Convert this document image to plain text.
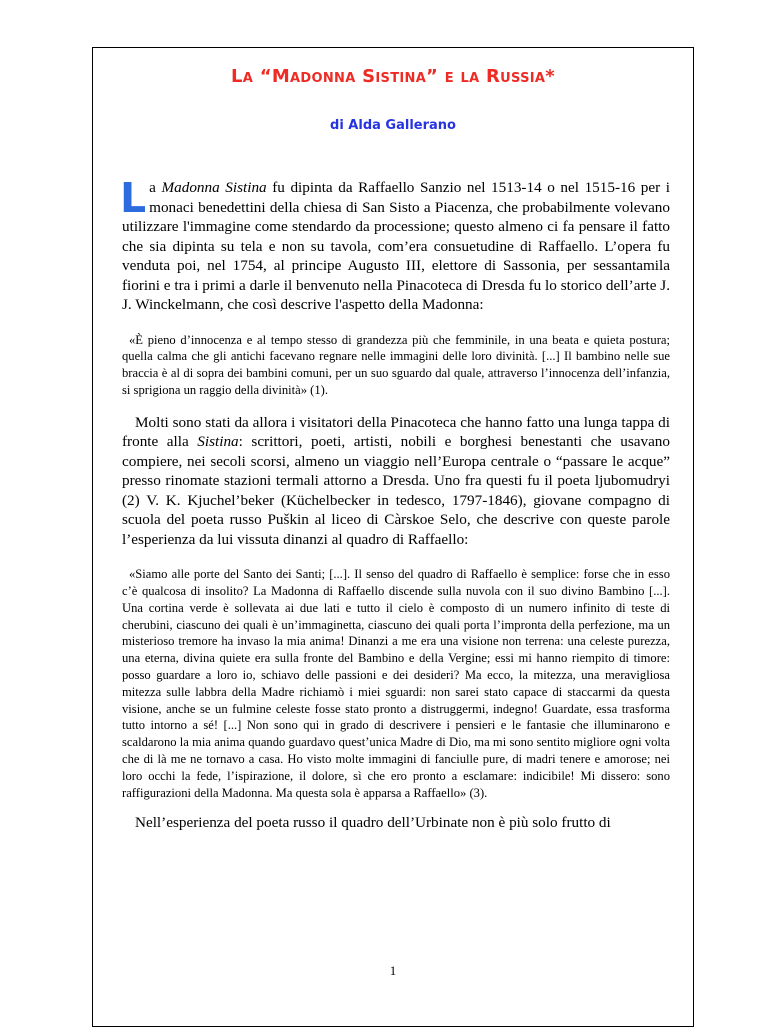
La “Madonna Sistina” e la Russia*
di Alda Gallerano

La Madonna Sistina fu dipinta da Raffaello Sanzio nel 1513-14 o nel 1515-16 per i monaci benedettini della chiesa di San Sisto a Piacenza, che probabilmente volevano utilizzare l'immagine come stendardo da processione; questo almeno ci fa pensare il fatto che sia dipinta su tela e non su tavola, com’era consuetudine di Raffaello. L’opera fu venduta poi, nel 1754, al principe Augusto III, elettore di Sassonia, per sessantamila fiorini e tra i primi a darle il benvenuto nella Pinacoteca di Dresda fu lo storico dell’arte J. J. Winckelmann, che così descrive l'aspetto della Madonna:

«È pieno d’innocenza e al tempo stesso di grandezza più che femminile, in una beata e quieta postura; quella calma che gli antichi facevano regnare nelle immagini delle loro divinità. [...] Il bambino nelle sue braccia è al di sopra dei bambini comuni, per un suo sguardo dal quale, attraverso l’innocenza dell’infanzia, si sprigiona un raggio della divinità» (1).

Molti sono stati da allora i visitatori della Pinacoteca che hanno fatto una lunga tappa di fronte alla Sistina: scrittori, poeti, artisti, nobili e borghesi benestanti che usavano compiere, nei secoli scorsi, almeno un viaggio nell’Europa centrale o “passare le acque” presso rinomate stazioni termali attorno a Dresda. Uno fra questi fu il poeta ljubomudryi (2) V. K. Kjuchel’beker (Küchelbecker in tedesco, 1797-1846), giovane compagno di scuola del poeta russo Puškin al liceo di Càrskoe Selo, che descrive con queste parole l’esperienza da lui vissuta dinanzi al quadro di Raffaello:

«Siamo alle porte del Santo dei Santi; [...]. Il senso del quadro di Raffaello è semplice: forse che in esso c’è qualcosa di insolito? La Madonna di Raffaello discende sulla nuvola con il suo divino Bambino [...]. Una cortina verde è sollevata ai due lati e tutto il cielo è composto di un numero infinito di teste di cherubini, ciascuno dei quali è un’immaginetta, ciascuno dei quali porta l’impronta della perfezione, ma un misterioso tremore ha invaso la mia anima! Dinanzi a me era una visione non terrena: una celeste purezza, una eterna, divina quiete era sulla fronte del Bambino e della Vergine; essi mi hanno riempito di timore: posso guardare a loro io, schiavo delle passioni e dei desideri? Ma ecco, la mitezza, una meravigliosa mitezza sulle labbra della Madre richiamò i miei sguardi: non sarei stato capace di staccarmi da questa visione, anche se un fulmine celeste fosse stato pronto a distruggermi, indegno! Guardate, essa trasforma tutto intorno a sé! [...] Non sono qui in grado di descrivere i pensieri e le fantasie che illuminarono e scaldarono la mia anima quando guardavo quest’unica Madre di Dio, ma mi sono sentito migliore ogni volta che di là me ne tornavo a casa. Ho visto molte immagini di fanciulle pure, di madri tenere e amorose; nei loro occhi la fede, l’ispirazione, il dolore, sì che ero pronto a esclamare: indicibile! Mi dissero: sono raffigurazioni della Madonna. Ma questa sola è apparsa a Raffaello» (3).

Nell’esperienza del poeta russo il quadro dell’Urbinate non è più solo frutto di

1
